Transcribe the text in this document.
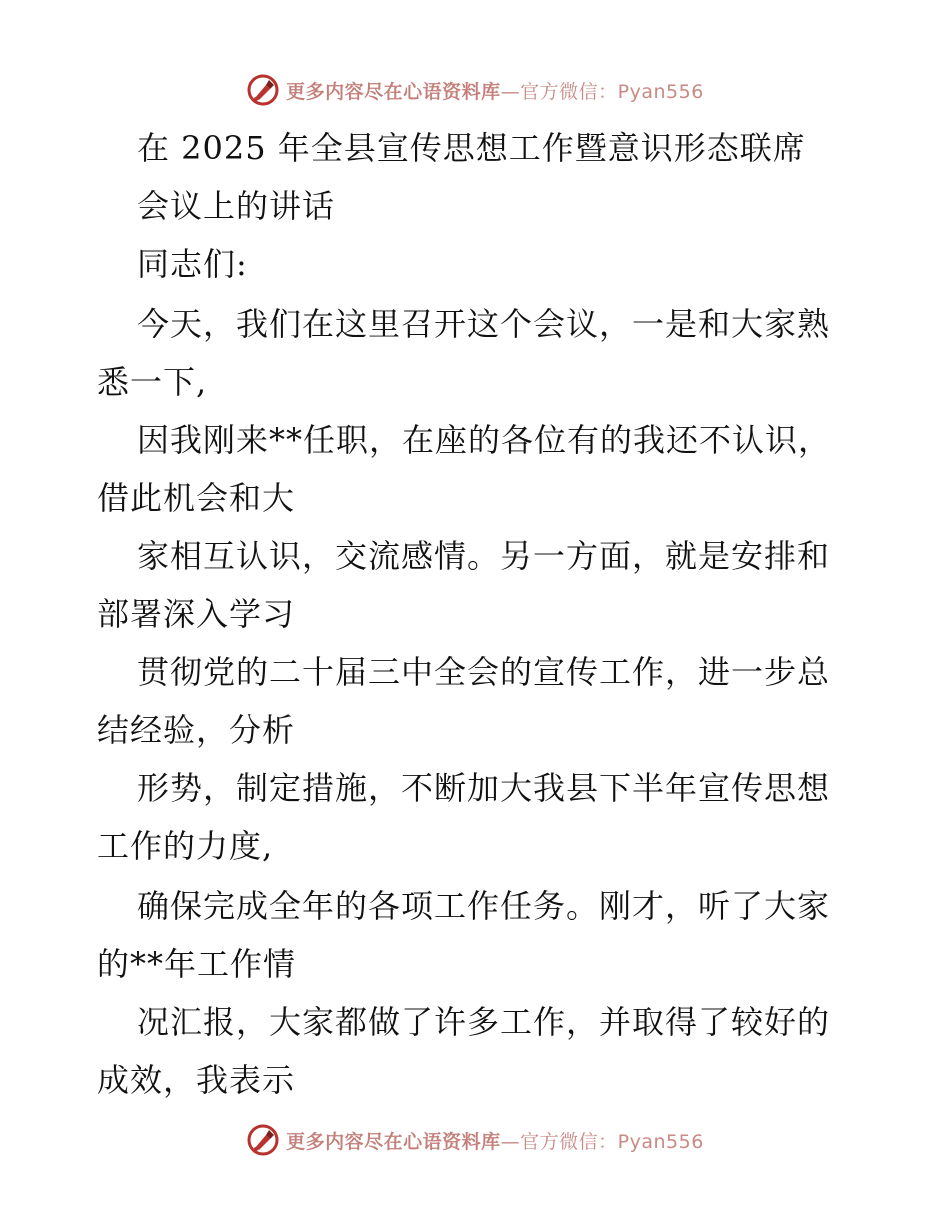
更多内容尽在心语资料库—官方微信：Pyan556
在 2025 年全县宣传思想工作暨意识形态联席
会议上的讲话
同志们:
今天，我们在这里召开这个会议，一是和大家熟
悉一下,
因我刚来**任职，在座的各位有的我还不认识，
借此机会和大
家相互认识，交流感情。另一方面，就是安排和
部署深入学习
贯彻党的二十届三中全会的宣传工作，进一步总
结经验，分析
形势，制定措施，不断加大我县下半年宣传思想
工作的力度,
确保完成全年的各项工作任务。刚才，听了大家
的**年工作情
况汇报，大家都做了许多工作，并取得了较好的
成效，我表示
更多内容尽在心语资料库—官方微信：Pyan556
